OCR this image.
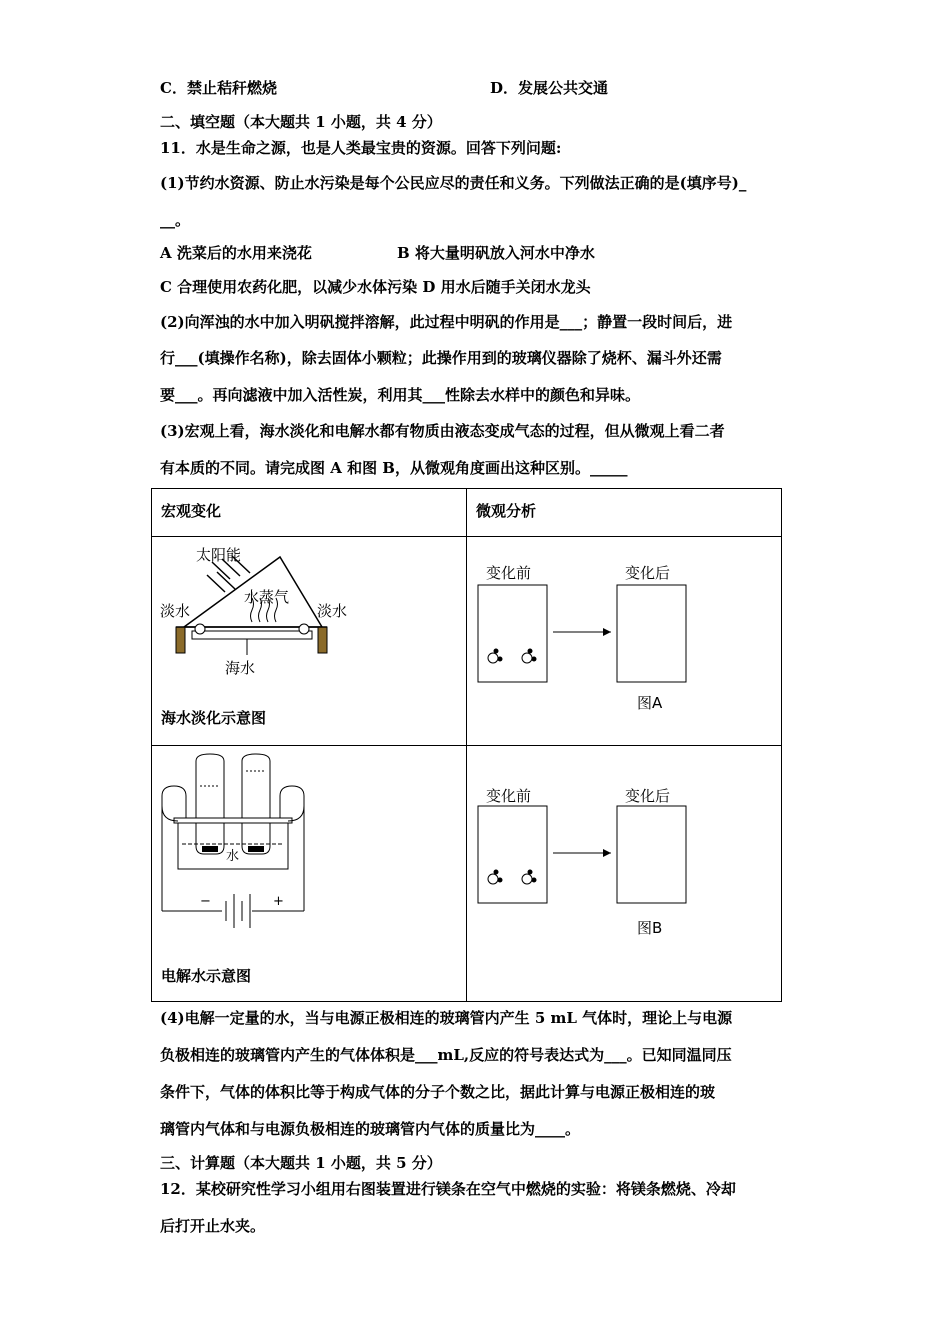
C．禁止秸秆燃烧	D．发展公共交通
二、填空题（本大题共 1 小题，共 4 分）
11．水是生命之源，也是人类最宝贵的资源。回答下列问题:
(1)节约水资源、防止水污染是每个公民应尽的责任和义务。下列做法正确的是(填序号)_
__。
A 洗菜后的水用来浇花	B 将大量明矾放入河水中净水
C 合理使用农药化肥，以减少水体污染 D 用水后随手关闭水龙头
(2)向浑浊的水中加入明矾搅拌溶解，此过程中明矾的作用是___；静置一段时间后，进
行___(填操作名称)，除去固体小颗粒；此操作用到的玻璃仪器除了烧杯、漏斗外还需
要___。再向滤液中加入活性炭，利用其___性除去水样中的颜色和异味。
(3)宏观上看，海水淡化和电解水都有物质由液态变成气态的过程，但从微观上看二者
有本质的不同。请完成图 A 和图 B，从微观角度画出这种区别。_____
宏观变化	微观分析
太阳能
水蒸气
淡水	淡水
海水
海水淡化示意图
变化前	变化后
图A
水
−	+
电解水示意图
变化前	变化后
图B
(4)电解一定量的水，当与电源正极相连的玻璃管内产生 5 mL 气体时，理论上与电源
负极相连的玻璃管内产生的气体体积是___mL,反应的符号表达式为___。已知同温同压
条件下，气体的体积比等于构成气体的分子个数之比，据此计算与电源正极相连的玻
璃管内气体和与电源负极相连的玻璃管内气体的质量比为____。
三、计算题（本大题共 1 小题，共 5 分）
12．某校研究性学习小组用右图装置进行镁条在空气中燃烧的实验：将镁条燃烧、冷却
后打开止水夹。
